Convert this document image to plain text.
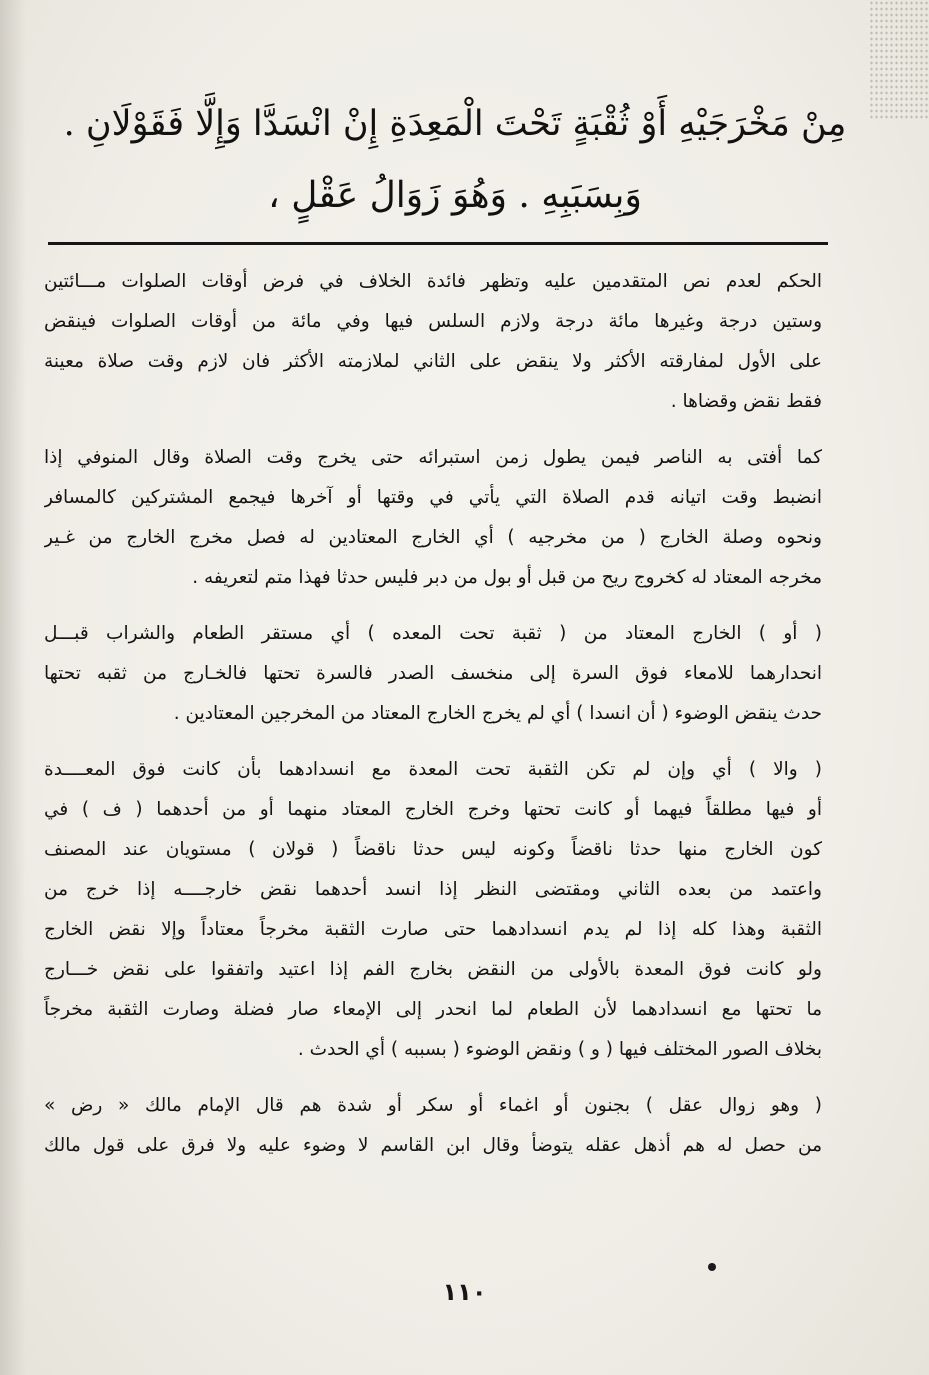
مِنْ مَخْرَجَيْهِ أَوْ ثُقْبَةٍ تَحْتَ الْمَعِدَةِ إِنْ انْسَدَّا وَإِلَّا فَقَوْلَانِ .
وَبِسَبَبِهِ . وَهُوَ زَوَالُ عَقْلٍ ،

الحكم لعدم نص المتقدمين عليه وتظهر فائدة الخلاف في فرض أوقات الصلوات مـــائتين
وستين درجة وغيرها مائة درجة ولازم السلس فيها وفي مائة من أوقات الصلوات فينقض
على الأول لمفارقته الأكثر ولا ينقض على الثاني لملازمته الأكثر فان لازم وقت صلاة معينة
فقط نقض وقضاها .

كما أفتى به الناصر فيمن يطول زمن استبرائه حتى يخرج وقت الصلاة وقال المنوفي إذا
انضبط وقت اتيانه قدم الصلاة التي يأتي في وقتها أو آخرها فيجمع المشتركين كالمسافر
ونحوه وصلة الخارج ( من مخرجيه ) أي الخارج المعتادين له فصل مخرج الخارج من غـير
مخرجه المعتاد له كخروج ريح من قبل أو بول من دبر فليس حدثا فهذا متم لتعريفه .

( أو ) الخارج المعتاد من ( ثقبة تحت المعده ) أي مستقر الطعام والشراب قبـــل
انحدارهما للامعاء فوق السرة إلى منخسف الصدر فالسرة تحتها فالخـارج من ثقبه تحتها
حدث ينقض الوضوء ( أن انسدا ) أي لم يخرج الخارج المعتاد من المخرجين المعتادين .

( والا ) أي وإن لم تكن الثقبة تحت المعدة مع انسدادهما بأن كانت فوق المعــــدة
أو فيها مطلقاً فيهما أو كانت تحتها وخرج الخارج المعتاد منهما أو من أحدهما ( ف ) في
كون الخارج منها حدثا ناقضاً وكونه ليس حدثا ناقضاً ( قولان ) مستويان عند المصنف
واعتمد من بعده الثاني ومقتضى النظر إذا انسد أحدهما نقض خارجــــه إذا خرج من
الثقبة وهذا كله إذا لم يدم انسدادهما حتى صارت الثقبة مخرجاً معتاداً وإلا نقض الخارج
ولو كانت فوق المعدة بالأولى من النقض بخارج الفم إذا اعتيد واتفقوا على نقض خـــارج
ما تحتها مع انسدادهما لأن الطعام لما انحدر إلى الإمعاء صار فضلة وصارت الثقبة مخرجاً
بخلاف الصور المختلف فيها ( و ) ونقض الوضوء ( بسببه ) أي الحدث .

( وهو زوال عقل ) بجنون أو اغماء أو سكر أو شدة هم قال الإمام مالك « رض »
من حصل له هم أذهل عقله يتوضأ وقال ابن القاسم لا وضوء عليه ولا فرق على قول مالك

١١٠
